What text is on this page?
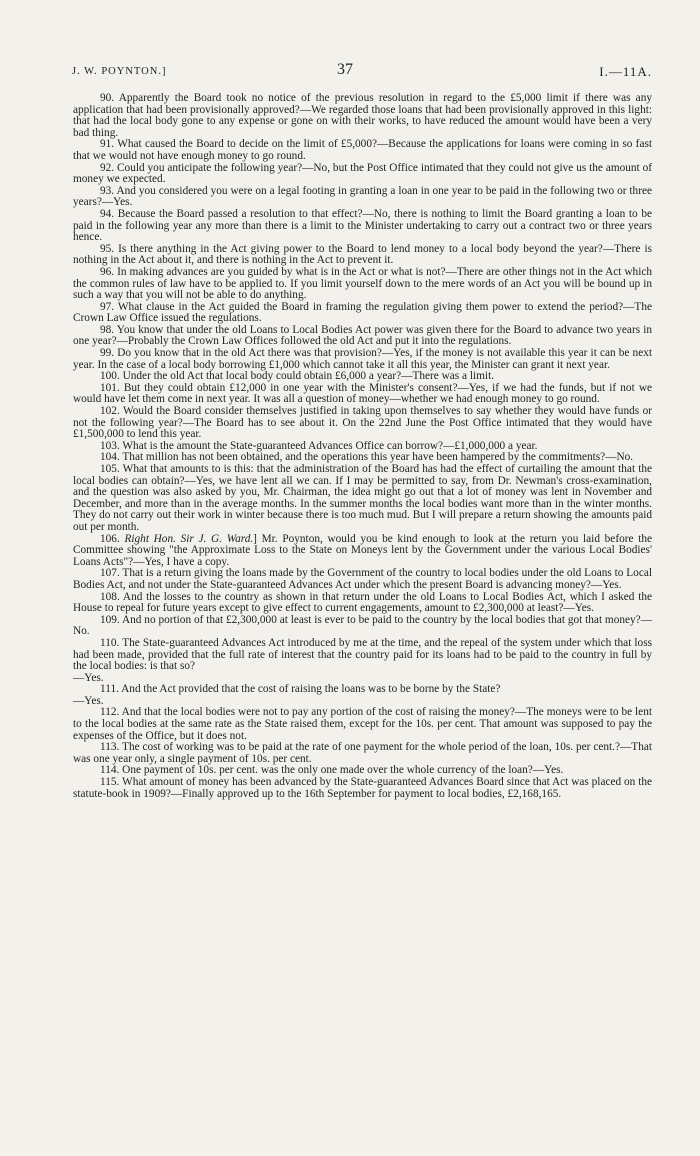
J. W. POYNTON.]	37	I.—11A.

90. Apparently the Board took no notice of the previous resolution in regard to the £5,000 limit if there was any application that had been provisionally approved?—We regarded those loans that had been provisionally approved in this light: that had the local body gone to any expense or gone on with their works, to have reduced the amount would have been a very bad thing.

91. What caused the Board to decide on the limit of £5,000?—Because the applications for loans were coming in so fast that we would not have enough money to go round.

92. Could you anticipate the following year?—No, but the Post Office intimated that they could not give us the amount of money we expected.

93. And you considered you were on a legal footing in granting a loan in one year to be paid in the following two or three years?—Yes.

94. Because the Board passed a resolution to that effect?—No, there is nothing to limit the Board granting a loan to be paid in the following year any more than there is a limit to the Minister undertaking to carry out a contract two or three years hence.

95. Is there anything in the Act giving power to the Board to lend money to a local body beyond the year?—There is nothing in the Act about it, and there is nothing in the Act to prevent it.

96. In making advances are you guided by what is in the Act or what is not?—There are other things not in the Act which the common rules of law have to be applied to. If you limit yourself down to the mere words of an Act you will be bound up in such a way that you will not be able to do anything.

97. What clause in the Act guided the Board in framing the regulation giving them power to extend the period?—The Crown Law Office issued the regulations.

98. You know that under the old Loans to Local Bodies Act power was given there for the Board to advance two years in one year?—Probably the Crown Law Offices followed the old Act and put it into the regulations.

99. Do you know that in the old Act there was that provision?—Yes, if the money is not available this year it can be next year. In the case of a local body borrowing £1,000 which cannot take it all this year, the Minister can grant it next year.

100. Under the old Act that local body could obtain £6,000 a year?—There was a limit.

101. But they could obtain £12,000 in one year with the Minister's consent?—Yes, if we had the funds, but if not we would have let them come in next year. It was all a question of money—whether we had enough money to go round.

102. Would the Board consider themselves justified in taking upon themselves to say whether they would have funds or not the following year?—The Board has to see about it. On the 22nd June the Post Office intimated that they would have £1,500,000 to lend this year.

103. What is the amount the State-guaranteed Advances Office can borrow?—£1,000,000 a year.

104. That million has not been obtained, and the operations this year have been hampered by the commitments?—No.

105. What that amounts to is this: that the administration of the Board has had the effect of curtailing the amount that the local bodies can obtain?—Yes, we have lent all we can. If I may be permitted to say, from Dr. Newman's cross-examination, and the question was also asked by you, Mr. Chairman, the idea might go out that a lot of money was lent in November and December, and more than in the average months. In the summer months the local bodies want more than in the winter months. They do not carry out their work in winter because there is too much mud. But I will prepare a return showing the amounts paid out per month.

106. Right Hon. Sir J. G. Ward.] Mr. Poynton, would you be kind enough to look at the return you laid before the Committee showing "the Approximate Loss to the State on Moneys lent by the Government under the various Local Bodies' Loans Acts"?—Yes, I have a copy.

107. That is a return giving the loans made by the Government of the country to local bodies under the old Loans to Local Bodies Act, and not under the State-guaranteed Advances Act under which the present Board is advancing money?—Yes.

108. And the losses to the country as shown in that return under the old Loans to Local Bodies Act, which I asked the House to repeal for future years except to give effect to current engagements, amount to £2,300,000 at least?—Yes.

109. And no portion of that £2,300,000 at least is ever to be paid to the country by the local bodies that got that money?—No.

110. The State-guaranteed Advances Act introduced by me at the time, and the repeal of the system under which that loss had been made, provided that the full rate of interest that the country paid for its loans had to be paid to the country in full by the local bodies: is that so?

—Yes.

111. And the Act provided that the cost of raising the loans was to be borne by the State?

—Yes.

112. And that the local bodies were not to pay any portion of the cost of raising the money?—The moneys were to be lent to the local bodies at the same rate as the State raised them, except for the 10s. per cent. That amount was supposed to pay the expenses of the Office, but it does not.

113. The cost of working was to be paid at the rate of one payment for the whole period of the loan, 10s. per cent.?—That was one year only, a single payment of 10s. per cent.

114. One payment of 10s. per cent. was the only one made over the whole currency of the loan?—Yes.

115. What amount of money has been advanced by the State-guaranteed Advances Board since that Act was placed on the statute-book in 1909?—Finally approved up to the 16th September for payment to local bodies, £2,168,165.
